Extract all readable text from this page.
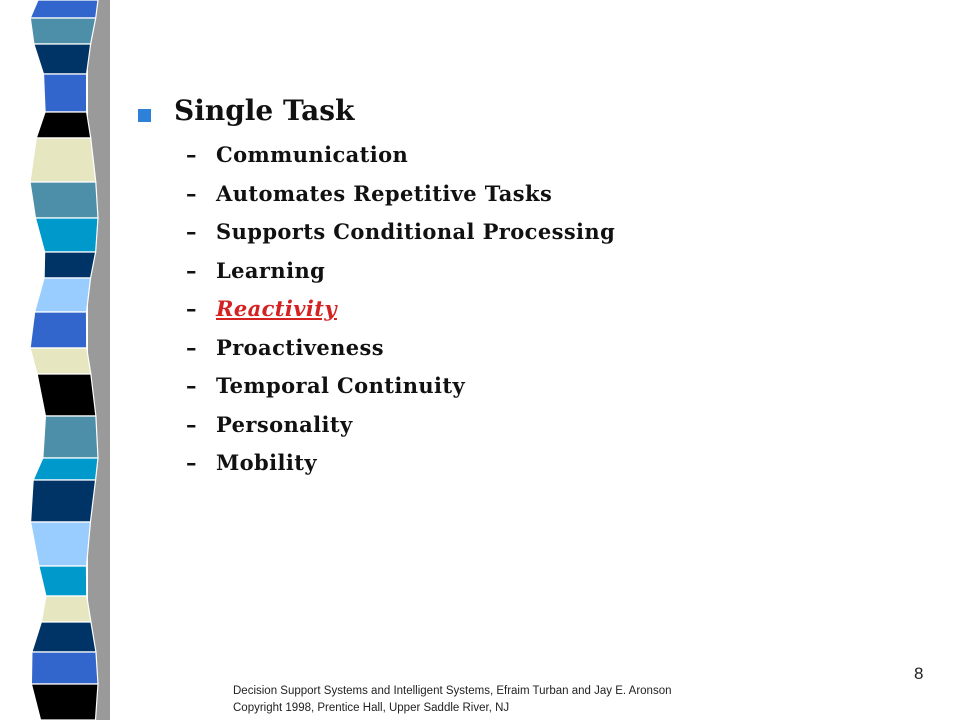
Single Task
– Communication
– Automates Repetitive Tasks
– Supports Conditional Processing
– Learning
– Reactivity
– Proactiveness
– Temporal Continuity
– Personality
– Mobility
8
Decision Support Systems and Intelligent Systems, Efraim Turban and Jay E. Aronson
Copyright 1998, Prentice Hall, Upper Saddle River, NJ
